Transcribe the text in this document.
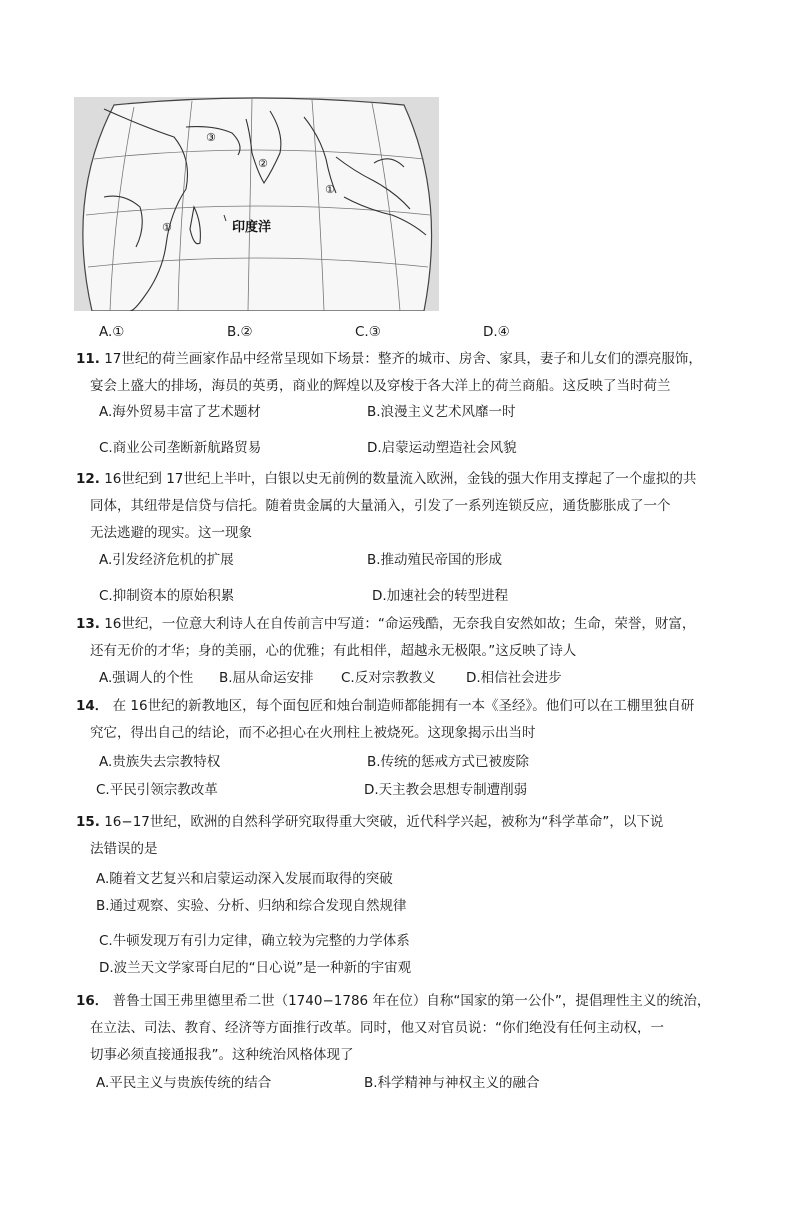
①
②
③
①	印度洋
A.①	B.②	C.③	D.④
11. 17世纪的荷兰画家作品中经常呈现如下场景：整齐的城市、房舍、家具，妻子和儿女们的漂亮服饰，
宴会上盛大的排场，海员的英勇，商业的辉煌以及穿梭于各大洋上的荷兰商船。这反映了当时荷兰
A.海外贸易丰富了艺术题材	B.浪漫主义艺术风靡一时
C.商业公司垄断新航路贸易	D.启蒙运动塑造社会风貌
12. 16世纪到 17世纪上半叶，白银以史无前例的数量流入欧洲，金钱的强大作用支撑起了一个虚拟的共
同体，其纽带是信贷与信托。随着贵金属的大量涌入，引发了一系列连锁反应，通货膨胀成了一个
无法逃避的现实。这一现象
A.引发经济危机的扩展	B.推动殖民帝国的形成
C.抑制资本的原始积累	D.加速社会的转型进程
13. 16世纪，一位意大利诗人在自传前言中写道：“命运残酷，无奈我自安然如故；生命，荣誉，财富，
还有无价的才华；身的美丽，心的优雅；有此相伴，超越永无极限。”这反映了诗人
A.强调人的个性 B.屈从命运安排 C.反对宗教教义 D.相信社会进步
14． 在 16世纪的新教地区，每个面包匠和烛台制造师都能拥有一本《圣经》。他们可以在工棚里独自研
究它，得出自己的结论，而不必担心在火刑柱上被烧死。这现象揭示出当时
A.贵族失去宗教特权	B.传统的惩戒方式已被废除
C.平民引领宗教改革	D.天主教会思想专制遭削弱
15. 16−17世纪，欧洲的自然科学研究取得重大突破，近代科学兴起，被称为“科学革命”，以下说
法错误的是
A.随着文艺复兴和启蒙运动深入发展而取得的突破
B.通过观察、实验、分析、归纳和综合发现自然规律
C.牛顿发现万有引力定律，确立较为完整的力学体系
D.波兰天文学家哥白尼的“日心说”是一种新的宇宙观
16． 普鲁士国王弗里德里希二世（1740−1786 年在位）自称“国家的第一公仆”，提倡理性主义的统治，
在立法、司法、教育、经济等方面推行改革。同时，他又对官员说：“你们绝没有任何主动权，一
切事必须直接通报我”。这种统治风格体现了
A.平民主义与贵族传统的结合	B.科学精神与神权主义的融合
